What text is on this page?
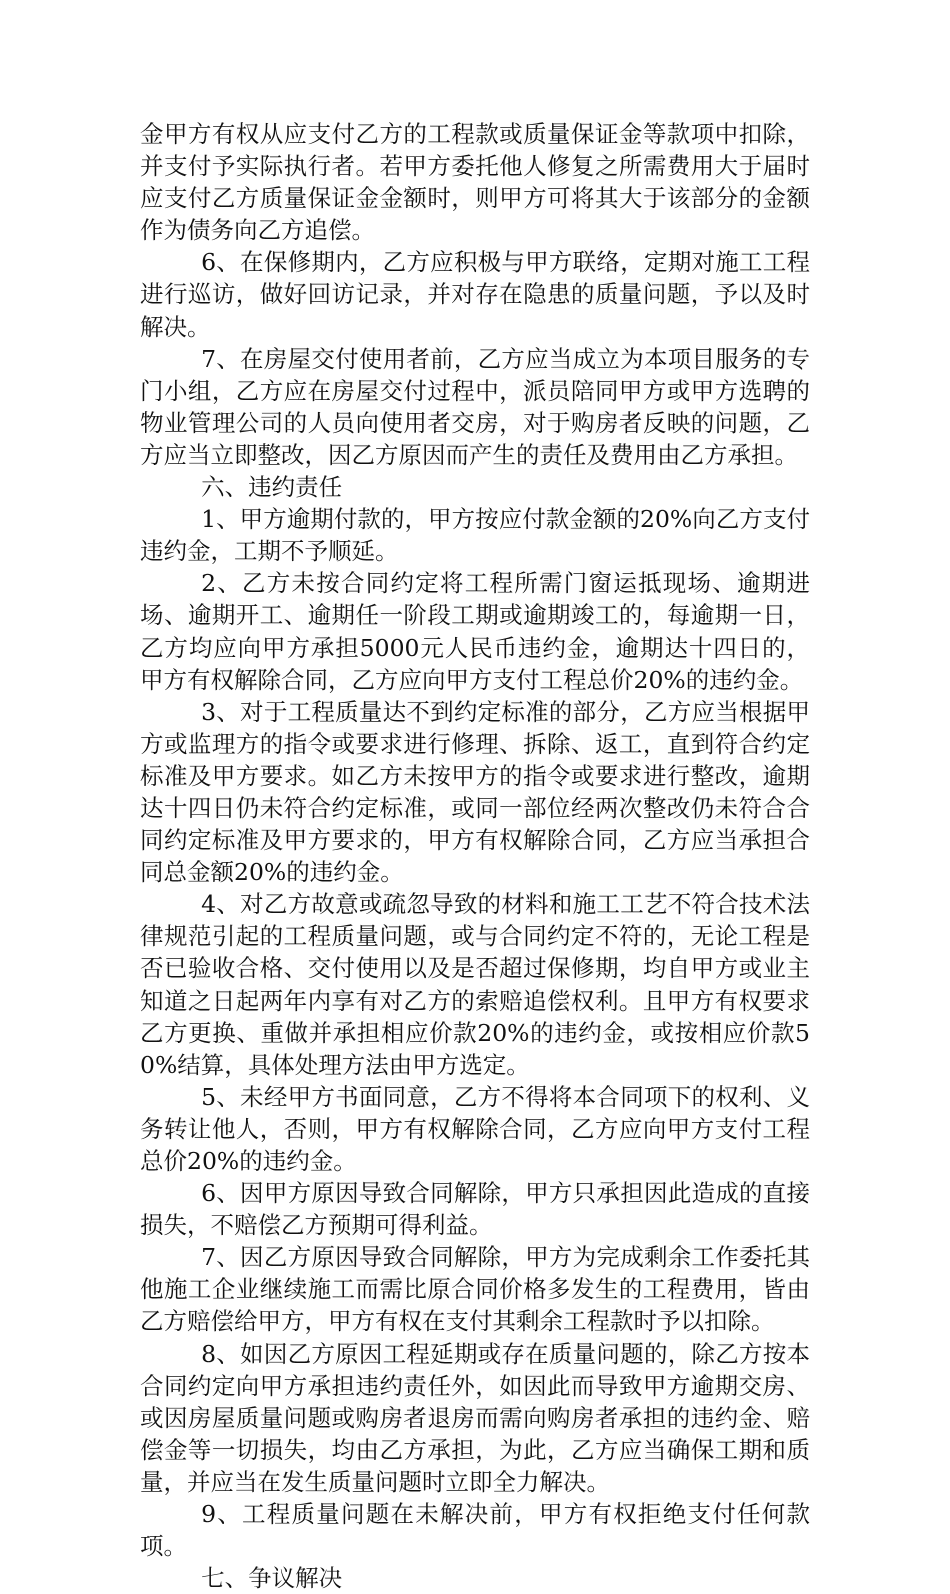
金甲方有权从应支付乙方的工程款或质量保证金等款项中扣除，并支付予实际执行者。若甲方委托他人修复之所需费用大于届时应支付乙方质量保证金金额时，则甲方可将其大于该部分的金额作为债务向乙方追偿。

6、在保修期内，乙方应积极与甲方联络，定期对施工工程进行巡访，做好回访记录，并对存在隐患的质量问题，予以及时解决。

7、在房屋交付使用者前，乙方应当成立为本项目服务的专门小组，乙方应在房屋交付过程中，派员陪同甲方或甲方选聘的物业管理公司的人员向使用者交房，对于购房者反映的问题，乙方应当立即整改，因乙方原因而产生的责任及费用由乙方承担。

六、违约责任

1、甲方逾期付款的，甲方按应付款金额的20%向乙方支付违约金，工期不予顺延。

2、乙方未按合同约定将工程所需门窗运抵现场、逾期进场、逾期开工、逾期任一阶段工期或逾期竣工的，每逾期一日，乙方均应向甲方承担5000元人民币违约金，逾期达十四日的，甲方有权解除合同，乙方应向甲方支付工程总价20%的违约金。

3、对于工程质量达不到约定标准的部分，乙方应当根据甲方或监理方的指令或要求进行修理、拆除、返工，直到符合约定标准及甲方要求。如乙方未按甲方的指令或要求进行整改，逾期达十四日仍未符合约定标准，或同一部位经两次整改仍未符合合同约定标准及甲方要求的，甲方有权解除合同，乙方应当承担合同总金额20%的违约金。

4、对乙方故意或疏忽导致的材料和施工工艺不符合技术法律规范引起的工程质量问题，或与合同约定不符的，无论工程是否已验收合格、交付使用以及是否超过保修期，均自甲方或业主知道之日起两年内享有对乙方的索赔追偿权利。且甲方有权要求乙方更换、重做并承担相应价款20%的违约金，或按相应价款50%结算，具体处理方法由甲方选定。

5、未经甲方书面同意，乙方不得将本合同项下的权利、义务转让他人，否则，甲方有权解除合同，乙方应向甲方支付工程总价20%的违约金。

6、因甲方原因导致合同解除，甲方只承担因此造成的直接损失，不赔偿乙方预期可得利益。

7、因乙方原因导致合同解除，甲方为完成剩余工作委托其他施工企业继续施工而需比原合同价格多发生的工程费用，皆由乙方赔偿给甲方，甲方有权在支付其剩余工程款时予以扣除。

8、如因乙方原因工程延期或存在质量问题的，除乙方按本合同约定向甲方承担违约责任外，如因此而导致甲方逾期交房、或因房屋质量问题或购房者退房而需向购房者承担的违约金、赔偿金等一切损失，均由乙方承担，为此，乙方应当确保工期和质量，并应当在发生质量问题时立即全力解决。

9、工程质量问题在未解决前，甲方有权拒绝支付任何款项。

七、争议解决
